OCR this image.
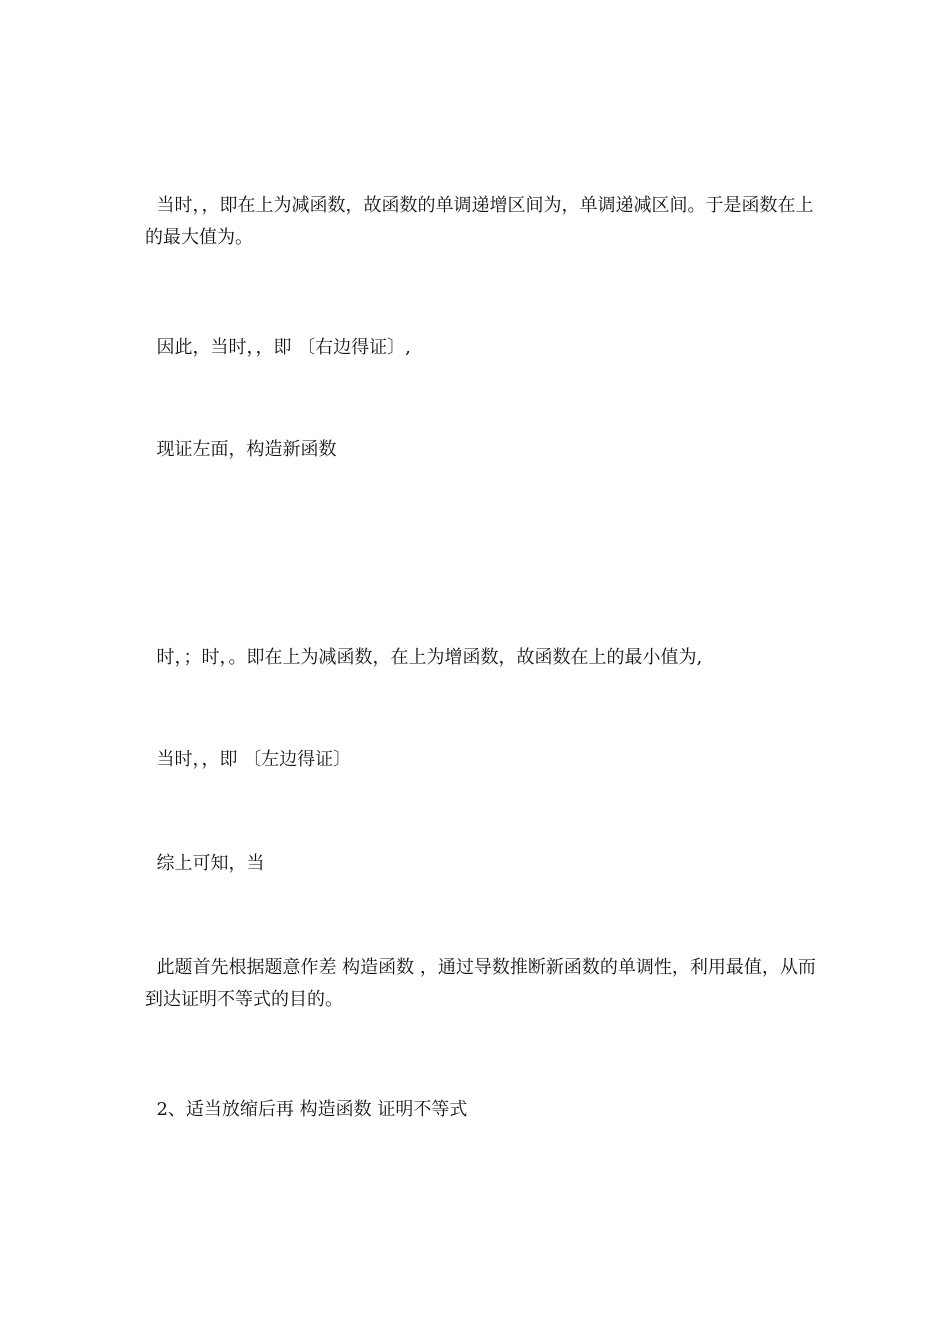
当时，，即在上为减函数，故函数的单调递增区间为，单调递减区间。于是函数在上的最大值为。

因此，当时，，即 〔右边得证〕,

现证左面，构造新函数

时，；时，。即在上为减函数，在上为增函数，故函数在上的最小值为,

当时，，即 〔左边得证〕

综上可知，当

此题首先根据题意作差 构造函数 ，通过导数推断新函数的单调性，利用最值，从而到达证明不等式的目的。

2、适当放缩后再 构造函数 证明不等式
